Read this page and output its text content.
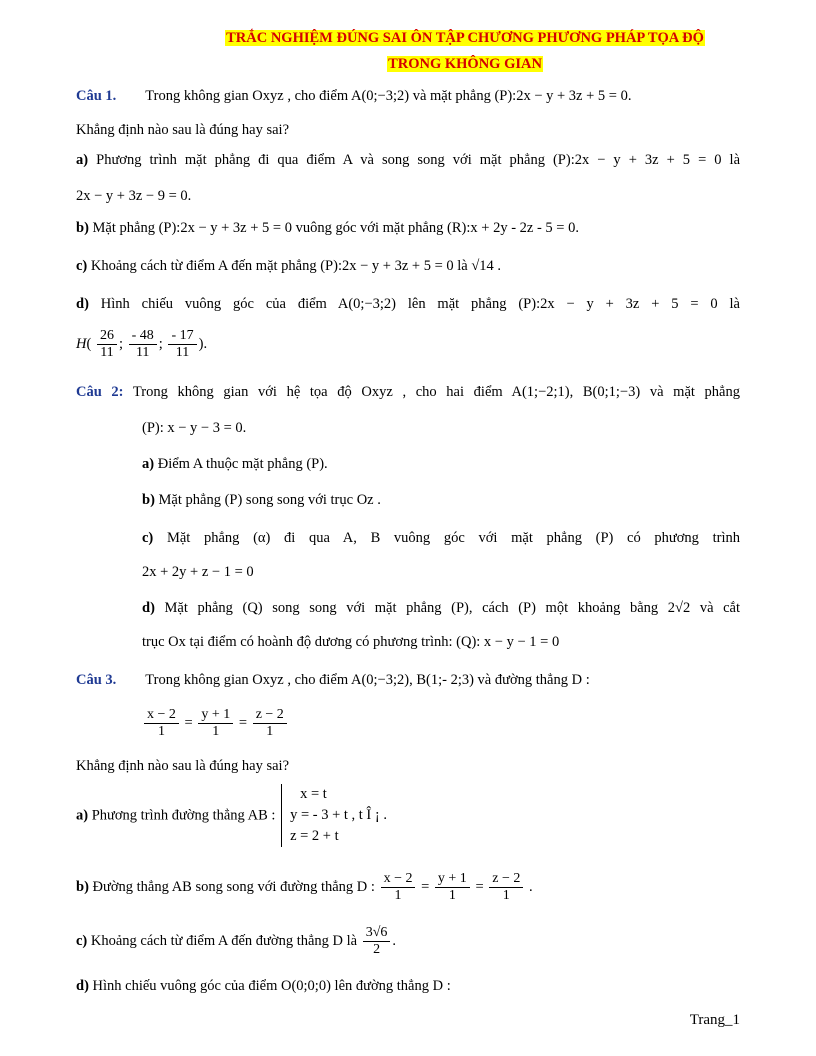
TRẮC NGHIỆM ĐÚNG SAI ÔN TẬP CHƯƠNG PHƯƠNG PHÁP TỌA ĐỘ
TRONG KHÔNG GIAN
Câu 1. Trong không gian Oxyz , cho điểm A(0;−3;2) và mặt phẳng (P):2x − y + 3z + 5 = 0.
Khẳng định nào sau là đúng hay sai?
a) Phương trình mặt phẳng đi qua điểm A và song song với mặt phẳng (P):2x − y + 3z + 5 = 0 là
2x − y + 3z − 9 = 0.
b) Mặt phẳng (P):2x − y + 3z + 5 = 0 vuông góc với mặt phẳng (R):x + 2y - 2z - 5 = 0.
c) Khoảng cách từ điểm A đến mặt phẳng (P):2x − y + 3z + 5 = 0 là √14 .
d) Hình chiếu vuông góc của điểm A(0;−3;2) lên mặt phẳng (P):2x − y + 3z + 5 = 0 là
$H( \frac{26}{11}$ ; $\frac{- 48}{11}$ ; $\frac{- 17}{11}$ ).
Câu 2: Trong không gian với hệ tọa độ Oxyz , cho hai điểm A(1;−2;1), B(0;1;−3) và mặt phẳng
(P): x − y − 3 = 0.
a) Điểm A thuộc mặt phẳng (P).
b) Mặt phẳng (P) song song với trục Oz .
c) Mặt phẳng (α) đi qua A, B vuông góc với mặt phẳng (P) có phương trình
2x + 2y + z − 1 = 0
d) Mặt phẳng (Q) song song với mặt phẳng (P), cách (P) một khoảng bằng 2√2 và cắt
trục Ox tại điểm có hoành độ dương có phương trình: (Q): x − y − 1 = 0
Câu 3. Trong không gian Oxyz , cho điểm A(0;−3;2), B(1;- 2;3) và đường thẳng D :
$\frac{x - 2}{1} = \frac{y + 1}{1} = \frac{z - 2}{1}$
Khẳng định nào sau là đúng hay sai?
a) Phương trình đường thẳng AB :
x = t
y = - 3 + t , t Î ¡ .
z = 2 + t
b) Đường thẳng AB song song với đường thẳng D : $\frac{x - 2}{1} = \frac{y + 1}{1} = \frac{z - 2}{1}$ .
c) Khoảng cách từ điểm A đến đường thẳng D là $\frac{3√6}{2}$ .
d) Hình chiếu vuông góc của điểm O(0;0;0) lên đường thẳng D :
Trang_1
